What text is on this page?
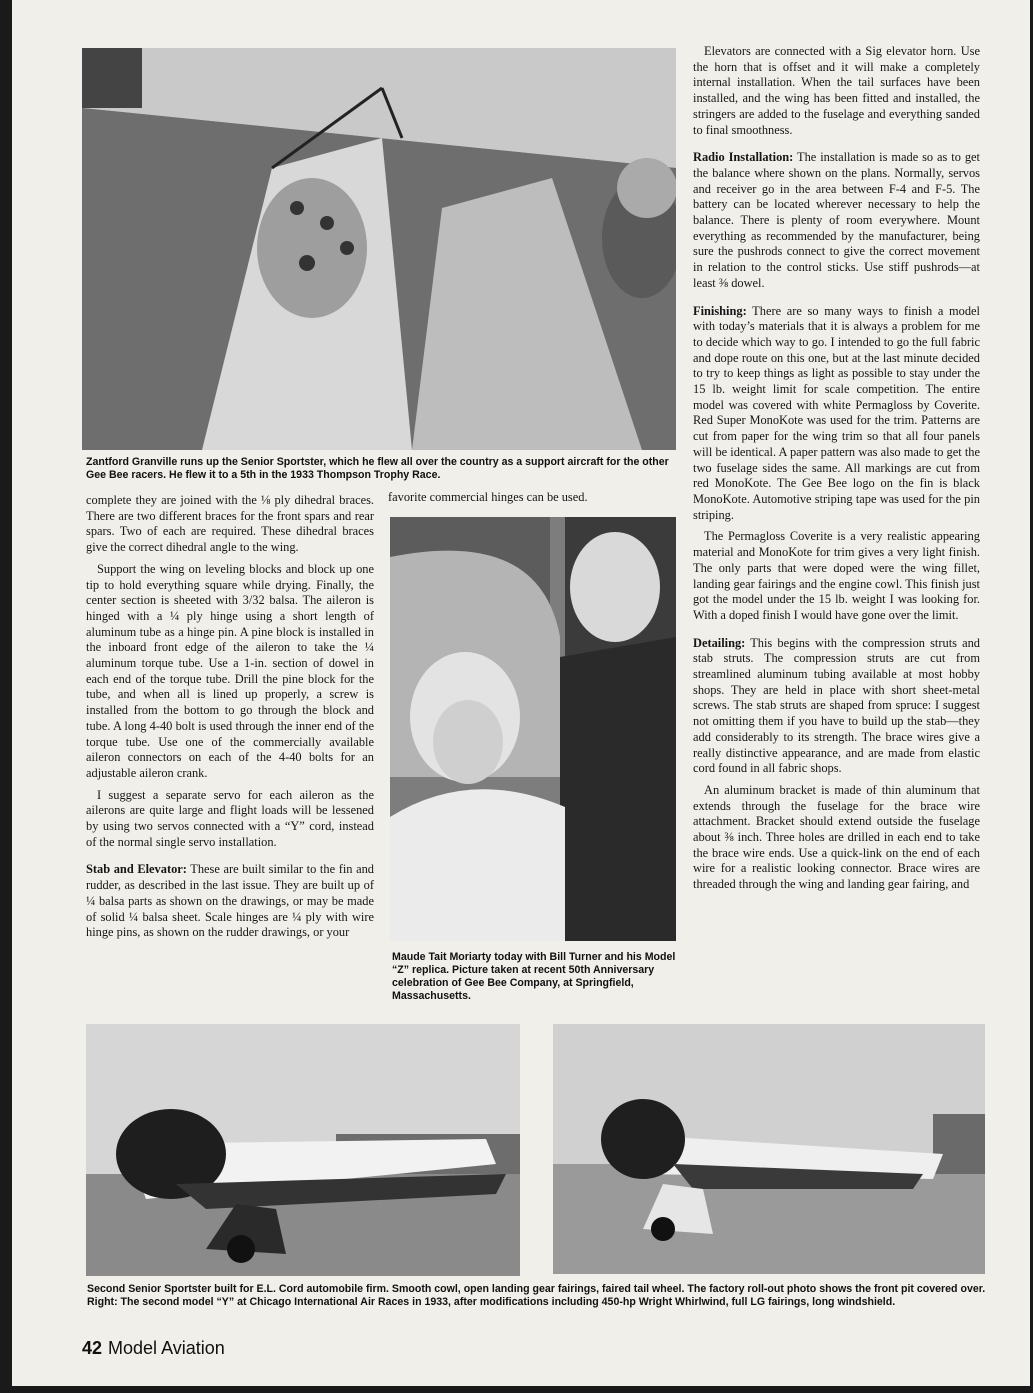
Zantford Granville runs up the Senior Sportster, which he flew all over the country as a support aircraft for the other Gee Bee racers. He flew it to a 5th in the 1933 Thompson Trophy Race.

complete they are joined with the ⅛ ply dihedral braces. There are two different braces for the front spars and rear spars. Two of each are required. These dihedral braces give the correct dihedral angle to the wing.

Support the wing on leveling blocks and block up one tip to hold everything square while drying. Finally, the center section is sheeted with 3/32 balsa. The aileron is hinged with a ¼ ply hinge using a short length of aluminum tube as a hinge pin. A pine block is installed in the inboard front edge of the aileron to take the ¼ aluminum torque tube. Use a 1-in. section of dowel in each end of the torque tube. Drill the pine block for the tube, and when all is lined up properly, a screw is installed from the bottom to go through the block and tube. A long 4-40 bolt is used through the inner end of the torque tube. Use one of the commercially available aileron connectors on each of the 4-40 bolts for an adjustable aileron crank.

I suggest a separate servo for each aileron as the ailerons are quite large and flight loads will be lessened by using two servos connected with a “Y” cord, instead of the normal single servo installation.

Stab and Elevator: These are built similar to the fin and rudder, as described in the last issue. They are built up of ¼ balsa parts as shown on the drawings, or may be made of solid ¼ balsa sheet. Scale hinges are ¼ ply with wire hinge pins, as shown on the rudder drawings, or your

favorite commercial hinges can be used.

Maude Tait Moriarty today with Bill Turner and his Model “Z” replica. Picture taken at recent 50th Anniversary celebration of Gee Bee Company, at Springfield, Massachusetts.

Elevators are connected with a Sig elevator horn. Use the horn that is offset and it will make a completely internal installation. When the tail surfaces have been installed, and the wing has been fitted and installed, the stringers are added to the fuselage and everything sanded to final smoothness.

Radio Installation: The installation is made so as to get the balance where shown on the plans. Normally, servos and receiver go in the area between F-4 and F-5. The battery can be located wherever necessary to help the balance. There is plenty of room everywhere. Mount everything as recommended by the manufacturer, being sure the pushrods connect to give the correct movement in relation to the control sticks. Use stiff pushrods—at least ⅜ dowel.

Finishing: There are so many ways to finish a model with today’s materials that it is always a problem for me to decide which way to go. I intended to go the full fabric and dope route on this one, but at the last minute decided to try to keep things as light as possible to stay under the 15 lb. weight limit for scale competition. The entire model was covered with white Permagloss by Coverite. Red Super MonoKote was used for the trim. Patterns are cut from paper for the wing trim so that all four panels will be identical. A paper pattern was also made to get the two fuselage sides the same. All markings are cut from red MonoKote. The Gee Bee logo on the fin is black MonoKote. Automotive striping tape was used for the pin striping.

The Permagloss Coverite is a very realistic appearing material and MonoKote for trim gives a very light finish. The only parts that were doped were the wing fillet, landing gear fairings and the engine cowl. This finish just got the model under the 15 lb. weight I was looking for. With a doped finish I would have gone over the limit.

Detailing: This begins with the compression struts and stab struts. The compression struts are cut from streamlined aluminum tubing available at most hobby shops. They are held in place with short sheet-metal screws. The stab struts are shaped from spruce: I suggest not omitting them if you have to build up the stab—they add considerably to its strength. The brace wires give a really distinctive appearance, and are made from elastic cord found in all fabric shops.

An aluminum bracket is made of thin aluminum that extends through the fuselage for the brace wire attachment. Bracket should extend outside the fuselage about ⅜ inch. Three holes are drilled in each end to take the brace wire ends. Use a quick-link on the end of each wire for a realistic looking connector. Brace wires are threaded through the wing and landing gear fairing, and

Second Senior Sportster built for E.L. Cord automobile firm. Smooth cowl, open landing gear fairings, faired tail wheel. The factory roll-out photo shows the front pit covered over. Right: The second model “Y” at Chicago International Air Races in 1933, after modifications including 450-hp Wright Whirlwind, full LG fairings, long windshield.
42 Model Aviation
